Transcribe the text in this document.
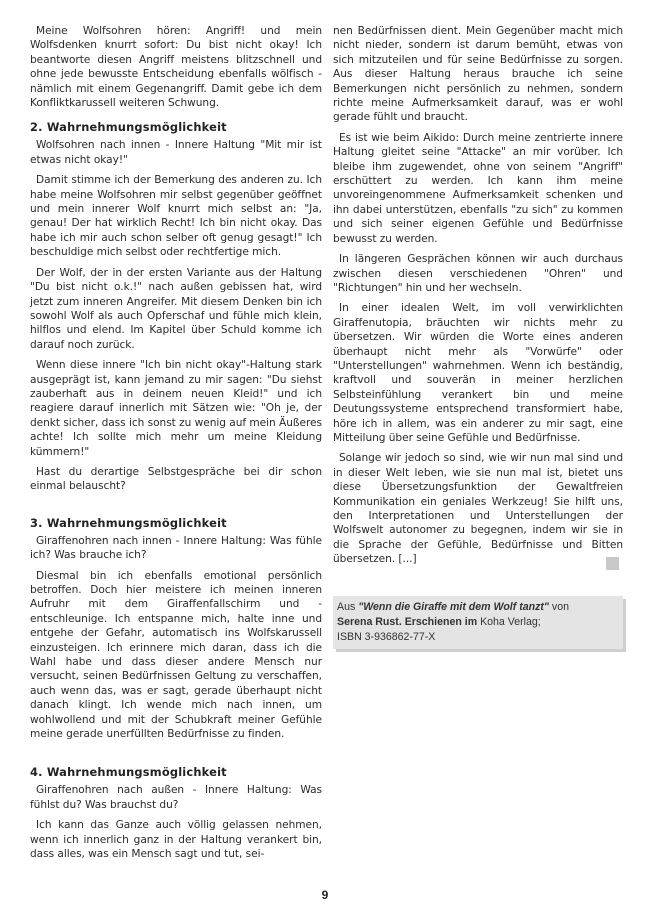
Meine Wolfsohren hören: Angriff! und mein Wolfsdenken knurrt sofort: Du bist nicht okay! Ich beantworte diesen Angriff meistens blitzschnell und ohne jede bewusste Entscheidung ebenfalls wölfisch - nämlich mit einem Gegenangriff. Damit gebe ich dem Konfliktkarussell weiteren Schwung.

2. Wahrnehmungsmöglichkeit

Wolfsohren nach innen - Innere Haltung "Mit mir ist etwas nicht okay!"

Damit stimme ich der Bemerkung des anderen zu. Ich habe meine Wolfsohren mir selbst gegenüber geöffnet und mein innerer Wolf knurrt mich selbst an: "Ja, genau! Der hat wirklich Recht! Ich bin nicht okay. Das habe ich mir auch schon selber oft genug gesagt!" Ich beschuldige mich selbst oder rechtfertige mich.

Der Wolf, der in der ersten Variante aus der Haltung "Du bist nicht o.k.!" nach außen gebissen hat, wird jetzt zum inneren Angreifer. Mit diesem Denken bin ich sowohl Wolf als auch Opferschaf und fühle mich klein, hilflos und elend. Im Kapitel über Schuld komme ich darauf noch zurück.

Wenn diese innere "Ich bin nicht okay"-Haltung stark ausgeprägt ist, kann jemand zu mir sagen: "Du siehst zauberhaft aus in deinem neuen Kleid!" und ich reagiere darauf innerlich mit Sätzen wie: "Oh je, der denkt sicher, dass ich sonst zu wenig auf mein Äußeres achte! Ich sollte mich mehr um meine Kleidung kümmern!"

Hast du derartige Selbstgespräche bei dir schon einmal belauscht?

3. Wahrnehmungsmöglichkeit

Giraffenohren nach innen - Innere Haltung: Was fühle ich? Was brauche ich?

Diesmal bin ich ebenfalls emotional persönlich betroffen. Doch hier meistere ich meinen inneren Aufruhr mit dem Giraffenfallschirm und - entschleunige. Ich entspanne mich, halte inne und entgehe der Gefahr, automatisch ins Wolfskarussell einzusteigen. Ich erinnere mich daran, dass ich die Wahl habe und dass dieser andere Mensch nur versucht, seinen Bedürfnissen Geltung zu verschaffen, auch wenn das, was er sagt, gerade überhaupt nicht danach klingt. Ich wende mich nach innen, um wohlwollend und mit der Schubkraft meiner Gefühle meine gerade unerfüllten Bedürfnisse zu finden.

4. Wahrnehmungsmöglichkeit

Giraffenohren nach außen - Innere Haltung: Was fühlst du? Was brauchst du?

Ich kann das Ganze auch völlig gelassen nehmen, wenn ich innerlich ganz in der Haltung verankert bin, dass alles, was ein Mensch sagt und tut, sei-

nen Bedürfnissen dient. Mein Gegenüber macht mich nicht nieder, sondern ist darum bemüht, etwas von sich mitzuteilen und für seine Bedürfnisse zu sorgen. Aus dieser Haltung heraus brauche ich seine Bemerkungen nicht persönlich zu nehmen, sondern richte meine Aufmerksamkeit darauf, was er wohl gerade fühlt und braucht.

Es ist wie beim Aikido: Durch meine zentrierte innere Haltung gleitet seine "Attacke" an mir vorüber. Ich bleibe ihm zugewendet, ohne von seinem "Angriff" erschüttert zu werden. Ich kann ihm meine unvoreingenommene Aufmerksamkeit schenken und ihn dabei unterstützen, ebenfalls "zu sich" zu kommen und sich seiner eigenen Gefühle und Bedürfnisse bewusst zu werden.

In längeren Gesprächen können wir auch durchaus zwischen diesen verschiedenen "Ohren" und "Richtungen" hin und her wechseln.

In einer idealen Welt, im voll verwirklichten Giraffenutopia, bräuchten wir nichts mehr zu übersetzen. Wir würden die Worte eines anderen überhaupt nicht mehr als "Vorwürfe" oder "Unterstellungen" wahrnehmen. Wenn ich beständig, kraftvoll und souverän in meiner herzlichen Selbsteinfühlung verankert bin und meine Deutungssysteme entsprechend transformiert habe, höre ich in allem, was ein anderer zu mir sagt, eine Mitteilung über seine Gefühle und Bedürfnisse.

Solange wir jedoch so sind, wie wir nun mal sind und in dieser Welt leben, wie sie nun mal ist, bietet uns diese Übersetzungsfunktion der Gewaltfreien Kommunikation ein geniales Werkzeug! Sie hilft uns, den Interpretationen und Unterstellungen der Wolfswelt autonomer zu begegnen, indem wir sie in die Sprache der Gefühle, Bedürfnisse und Bitten übersetzen. [...]

Aus "Wenn die Giraffe mit dem Wolf tanzt" von
Serena Rust. Erschienen im Koha Verlag;
ISBN 3-936862-77-X
9
